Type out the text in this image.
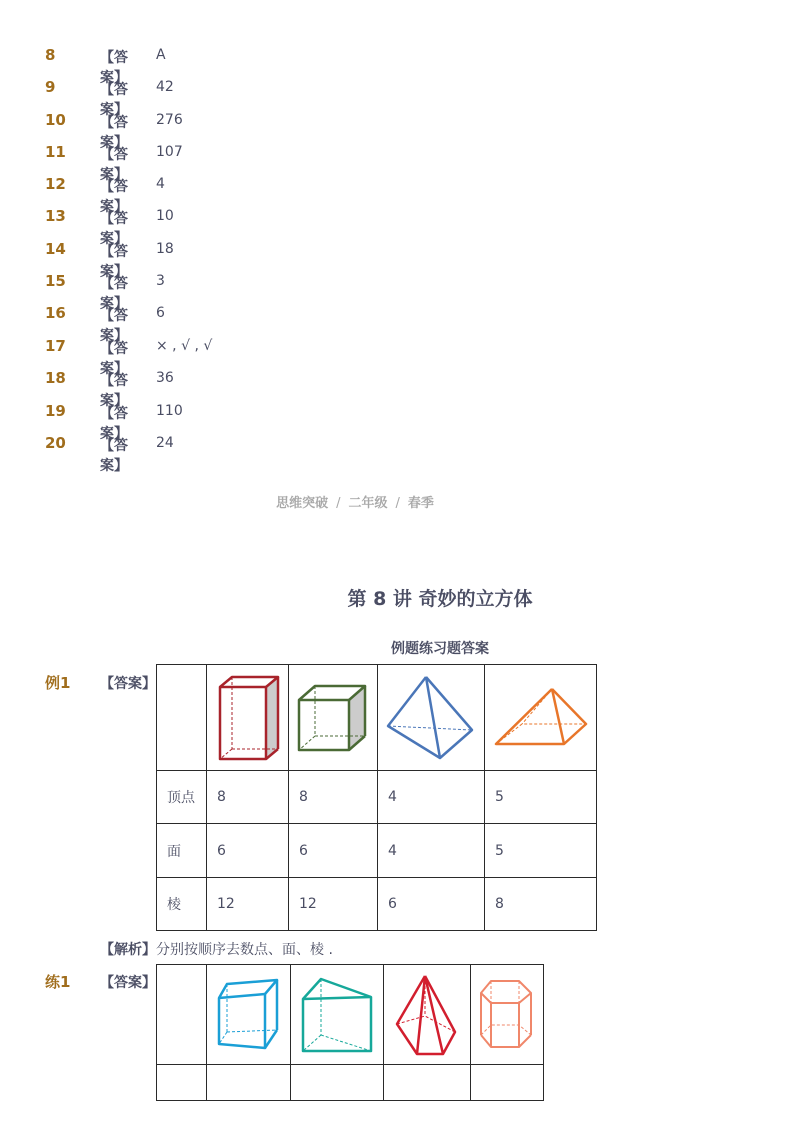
8	【答案】
A
9	【答案】
42
10 【答案】
276
11 【答案】
107
12 【答案】
4
13 【答案】
10
14 【答案】
18
15 【答案】
3
16 【答案】
6
17 【答案】
× , √ , √
18 【答案】
36
19 【答案】
110
20 【答案】
24
思维突破 / 二年级 / 春季
第 8 讲 奇妙的立方体
例题练习题答案
例1 【答案】

顶点	8	8	4	5
面	6	6	4	5
棱	12	12	6	8
【解析】分别按顺序去数点、面、棱 .
练1 【答案】
